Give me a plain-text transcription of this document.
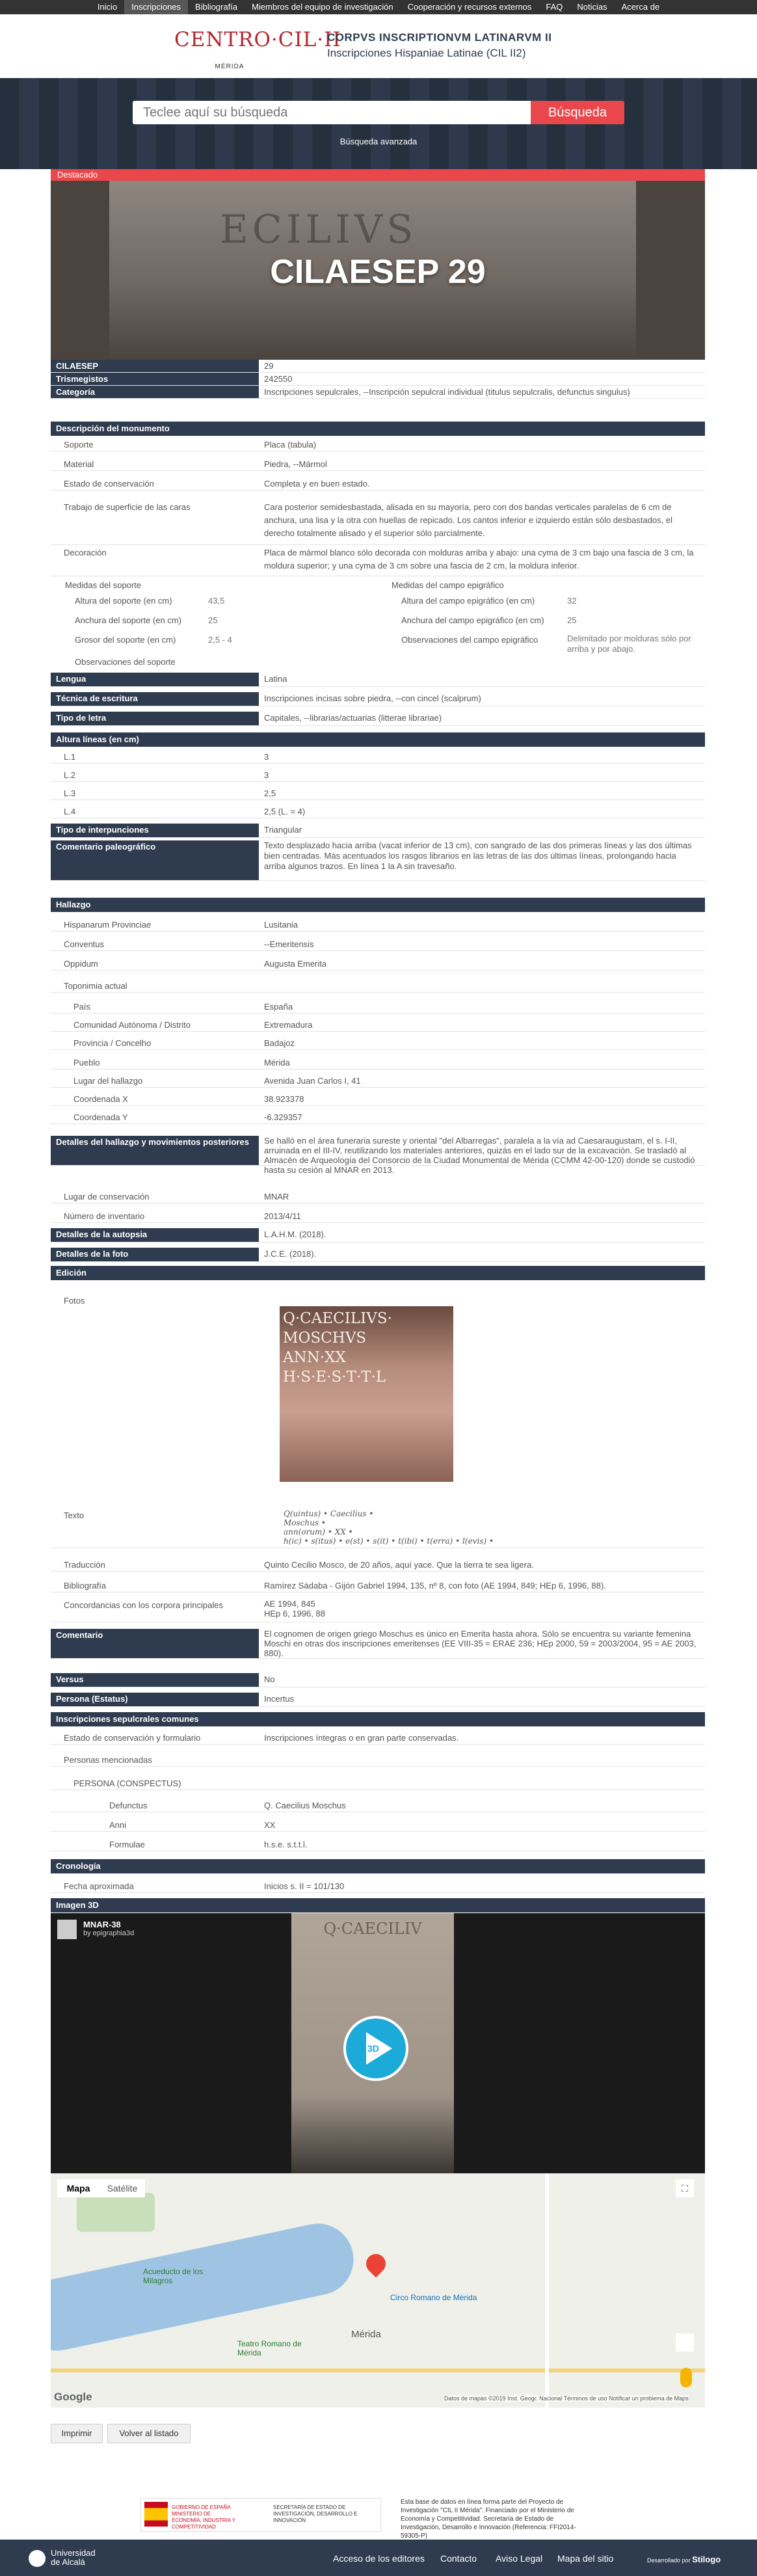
Inicio	Inscripciones	Bibliografía	Miembros del equipo de investigación	Cooperación y recursos externos	FAQ	Noticias	Acerca de
CENTRO·CIL·II
MÉRIDA
CORPVS INSCRIPTIONVM LATINARVM II
Inscripciones Hispaniae Latinae (CIL II2)
Teclee aquí su búsqueda
Búsqueda
Búsqueda avanzada
Destacado
ECILIVS
CILAESEP 29
CILAESEP	29
Trismegistos	242550
Categoría	Inscripciones sepulcrales, --Inscripción sepulcral individual (titulus sepulcralis, defunctus singulus)
Descripción del monumento
Soporte	Placa (tabula)
Material	Piedra, --Mármol
Estado de conservación	Completa y en buen estado.
Trabajo de superficie de las caras	Cara posterior semidesbastada, alisada en su mayoría, pero con dos bandas verticales paralelas de 6 cm de anchura, una lisa y la otra con huellas de repicado. Los cantos inferior e izquierdo están sólo desbastados, el derecho totalmente alisado y el superior sólo parcialmente.
Decoración	Placa de mármol blanco sólo decorada con molduras arriba y abajo: una cyma de 3 cm bajo una fascia de 3 cm, la moldura superior; y una cyma de 3 cm sobre una fascia de 2 cm, la moldura inferior.
Medidas del soporte
Altura del soporte (en cm)	43,5
Anchura del soporte (en cm)	25
Grosor del soporte (en cm)	2,5 - 4
Medidas del campo epigráfico
Altura del campo epigráfico (en cm)	32
Anchura del campo epigráfico (en cm)	25
Observaciones del campo epigráfico	Delimitado por molduras sólo por arriba y por abajo.
Observaciones del soporte
Lengua	Latina
Técnica de escritura	Inscripciones incisas sobre piedra, --con cincel (scalprum)
Tipo de letra	Capitales, --librarias/actuarias (litterae librariae)
Altura líneas (en cm)
L.1	3
L.2	3
L.3	2,5
L.4	2,5 (L. = 4)
Tipo de interpunciones	Triangular
Comentario paleográfico	Texto desplazado hacia arriba (vacat inferior de 13 cm), con sangrado de las dos primeras líneas y las dos últimas bien centradas. Más acentuados los rasgos librarios en las letras de las dos últimas líneas, prolongando hacia arriba algunos trazos. En línea 1 la A sin travesaño.
Hallazgo
Hispanarum Provinciae	Lusitania
Conventus	--Emeritensis
Oppidum	Augusta Emerita
Toponimia actual
País	España
Comunidad Autónoma / Distrito	Extremadura
Provincia / Concelho	Badajoz
Pueblo	Mérida
Lugar del hallazgo	Avenida Juan Carlos I, 41
Coordenada X	38.923378
Coordenada Y	-6.329357
Detalles del hallazgo y movimientos posteriores	Se halló en el área funeraria sureste y oriental "del Albarregas", paralela a la vía ad Caesaraugustam, el s. I-II, arruinada en el III-IV, reutilizando los materiales anteriores, quizás en el lado sur de la excavación. Se trasladó al Almacén de Arqueología del Consorcio de la Ciudad Monumental de Mérida (CCMM 42-00-120) donde se custodió hasta su cesión al MNAR en 2013.
Lugar de conservación	MNAR
Número de inventario	2013/4/11
Detalles de la autopsia	L.A.H.M. (2018).
Detalles de la foto	J.C.E. (2018).
Edición
Fotos
Q·CAECILIVS·
MOSCHVS
ANN·XX
H·S·E·S·T·T·L
Texto	Q(uintus) • Caecilius •
Moschus •
ann(orum) • XX •
h(ic) • s(itus) • e(st) • s(it) • t(ibi) • t(erra) • l(evis) •
Traducción	Quinto Cecilio Mosco, de 20 años, aquí yace. Que la tierra te sea ligera.
Bibliografía	Ramírez Sádaba - Gijón Gabriel 1994, 135, nº 8, con foto (AE 1994, 849; HEp 6, 1996, 88).
Concordancias con los corpora principales	AE 1994, 845
HEp 6, 1996, 88
Comentario	El cognomen de origen griego Moschus es único en Emerita hasta ahora. Sólo se encuentra su variante femenina Moschi en otras dos inscripciones emeritenses (EE VIII-35 = ERAE 236; HEp 2000, 59 = 2003/2004, 95 = AE 2003, 880).
Versus	No
Persona (Estatus)	Incertus
Inscripciones sepulcrales comunes
Estado de conservación y formulario	Inscripciones íntegras o en gran parte conservadas.
Personas mencionadas
PERSONA (CONSPECTUS)
Defunctus	Q. Caecilius Moschus
Anni	XX
Formulae	h.s.e. s.t.t.l.
Cronología
Fecha aproximada	Inicios s. II = 101/130
Imagen 3D
Q·CAECILIV
MNAR-38
by epigraphia3d
3D
Mapa	Satélite	⛶
Mérida
Circo Romano de Mérida
Acueducto de los Milagros
Teatro Romano de Mérida
Google	Datos de mapas ©2019 Inst. Geogr. Nacional Términos de uso Notificar un problema de Maps
Imprimir	Volver al listado
GOBIERNO DE ESPAÑA MINISTERIO DE ECONOMÍA, INDUSTRIA Y COMPETITIVIDAD
SECRETARÍA DE ESTADO DE INVESTIGACIÓN, DESARROLLO E INNOVACIÓN
Esta base de datos en línea forma parte del Proyecto de Investigación "CIL II Mérida". Financiado por el Ministerio de Economía y Competitividad. Secretaría de Estado de Investigación, Desarrollo e Innovación (Referencia: FFI2014-59305-P)
Universidad de Alcalá	Acceso de los editores Contacto Aviso Legal Mapa del sitio	Desarrollado por Stilogo
